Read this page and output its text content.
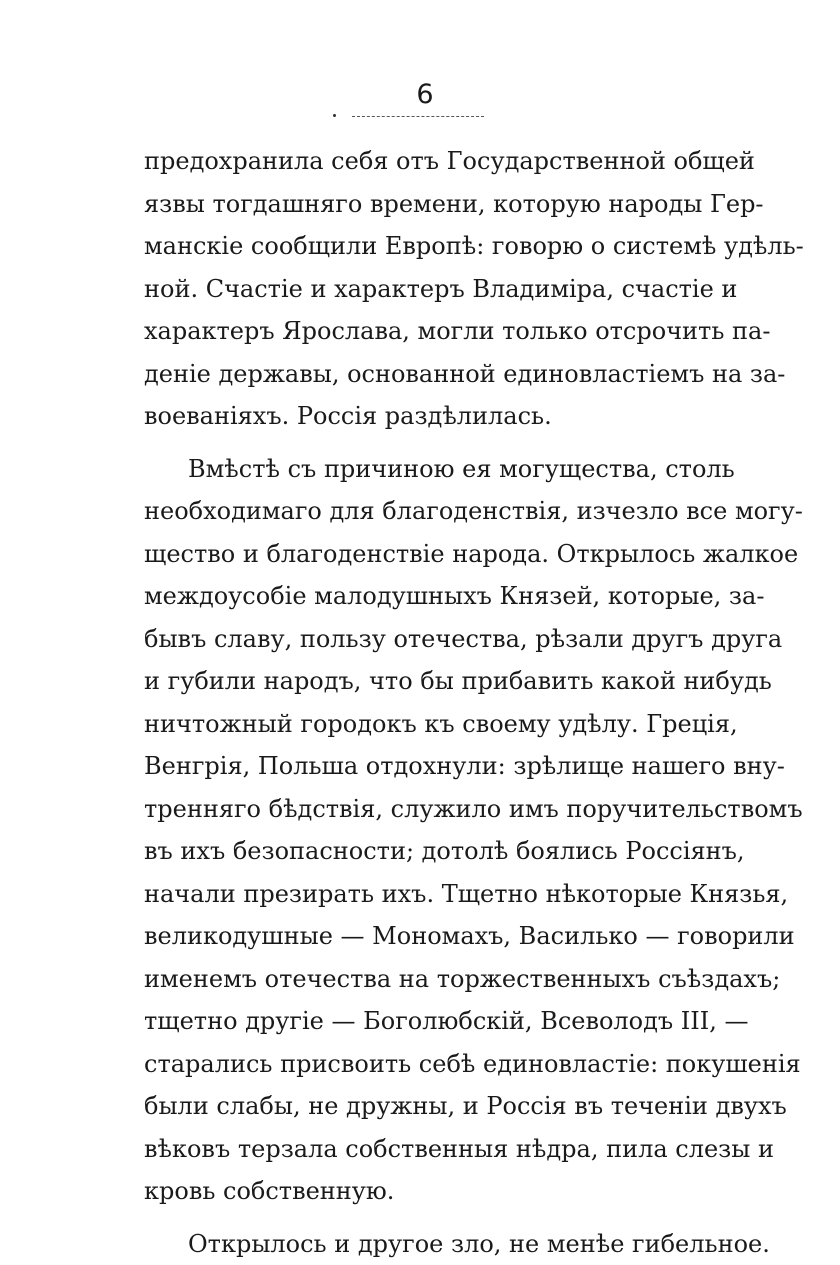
6
предохранила себя отъ Государственной общей
язвы тогдашняго времени, которую народы Гер-
манскіе сообщили Европѣ: говорю о системѣ удѣль-
ной. Счастіе и характеръ Владиміра, счастіе и
характеръ Ярослава, могли только отсрочить па-
деніе державы, основанной единовластіемъ на за-
воеваніяхъ. Россія раздѣлилась.
Вмѣстѣ съ причиною ея могущества, столь
необходимаго для благоденствія, изчезло все могу-
щество и благоденствіе народа. Открылось жалкое
междоусобіе малодушныхъ Князей, которые, за-
бывъ славу, пользу отечества, рѣзали другъ друга
и губили народъ, что бы прибавить какой нибудь
ничтожный городокъ къ своему удѣлу. Греція,
Венгрія, Польша отдохнули: зрѣлище нашего вну-
тренняго бѣдствія, служило имъ поручительствомъ
въ ихъ безопасности; дотолѣ боялись Россіянъ,
начали презирать ихъ. Тщетно нѣкоторые Князья,
великодушные — Мономахъ, Василько — говорили
именемъ отечества на торжественныхъ съѣздахъ;
тщетно другіе — Боголюбскій, Всеволодъ III, —
старались присвоить себѣ единовластіе: покушенія
были слабы, не дружны, и Россія въ теченіи двухъ
вѣковъ терзала собственныя нѣдра, пила слезы и
кровь собственную.
Открылось и другое зло, не менѣе гибельное.
